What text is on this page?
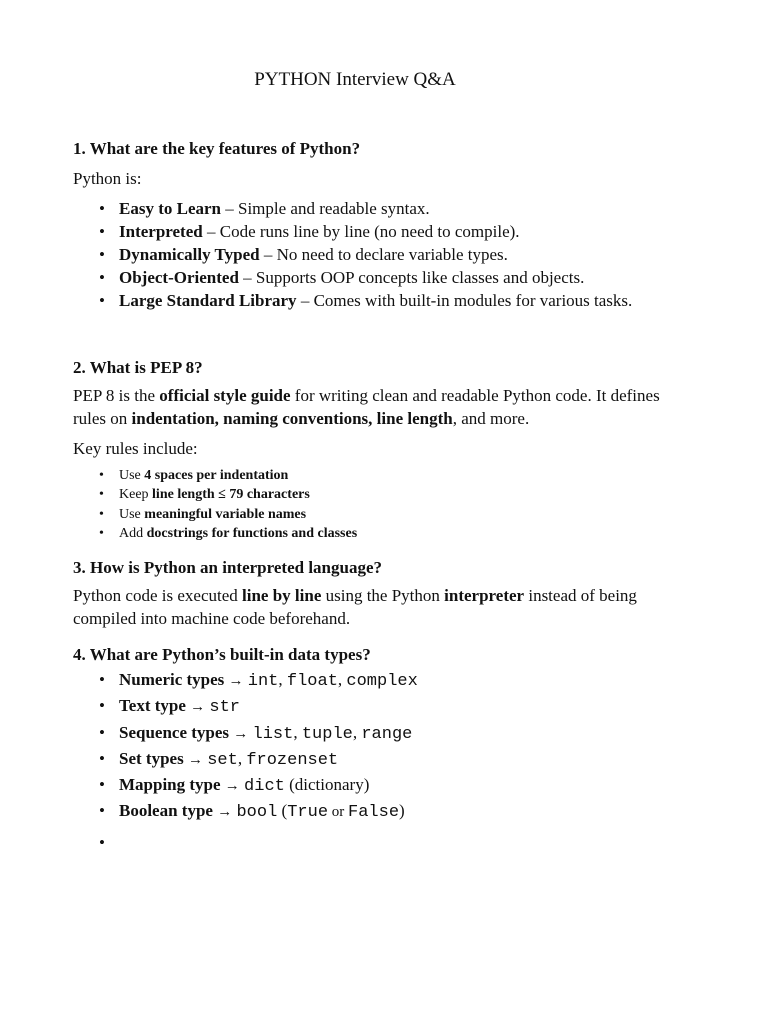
PYTHON Interview Q&A

1. What are the key features of Python?

Python is:

• Easy to Learn – Simple and readable syntax.
• Interpreted – Code runs line by line (no need to compile).
• Dynamically Typed – No need to declare variable types.
• Object-Oriented – Supports OOP concepts like classes and objects.
• Large Standard Library – Comes with built-in modules for various tasks.

2. What is PEP 8?

PEP 8 is the official style guide for writing clean and readable Python code. It defines rules on indentation, naming conventions, line length, and more.

Key rules include:

• Use 4 spaces per indentation
• Keep line length ≤ 79 characters
• Use meaningful variable names
• Add docstrings for functions and classes

3. How is Python an interpreted language?

Python code is executed line by line using the Python interpreter instead of being compiled into machine code beforehand.

4. What are Python’s built-in data types?

• Numeric types → int, float, complex
• Text type → str
• Sequence types → list, tuple, range
• Set types → set, frozenset
• Mapping type → dict (dictionary)
• Boolean type → bool (True or False)
•
